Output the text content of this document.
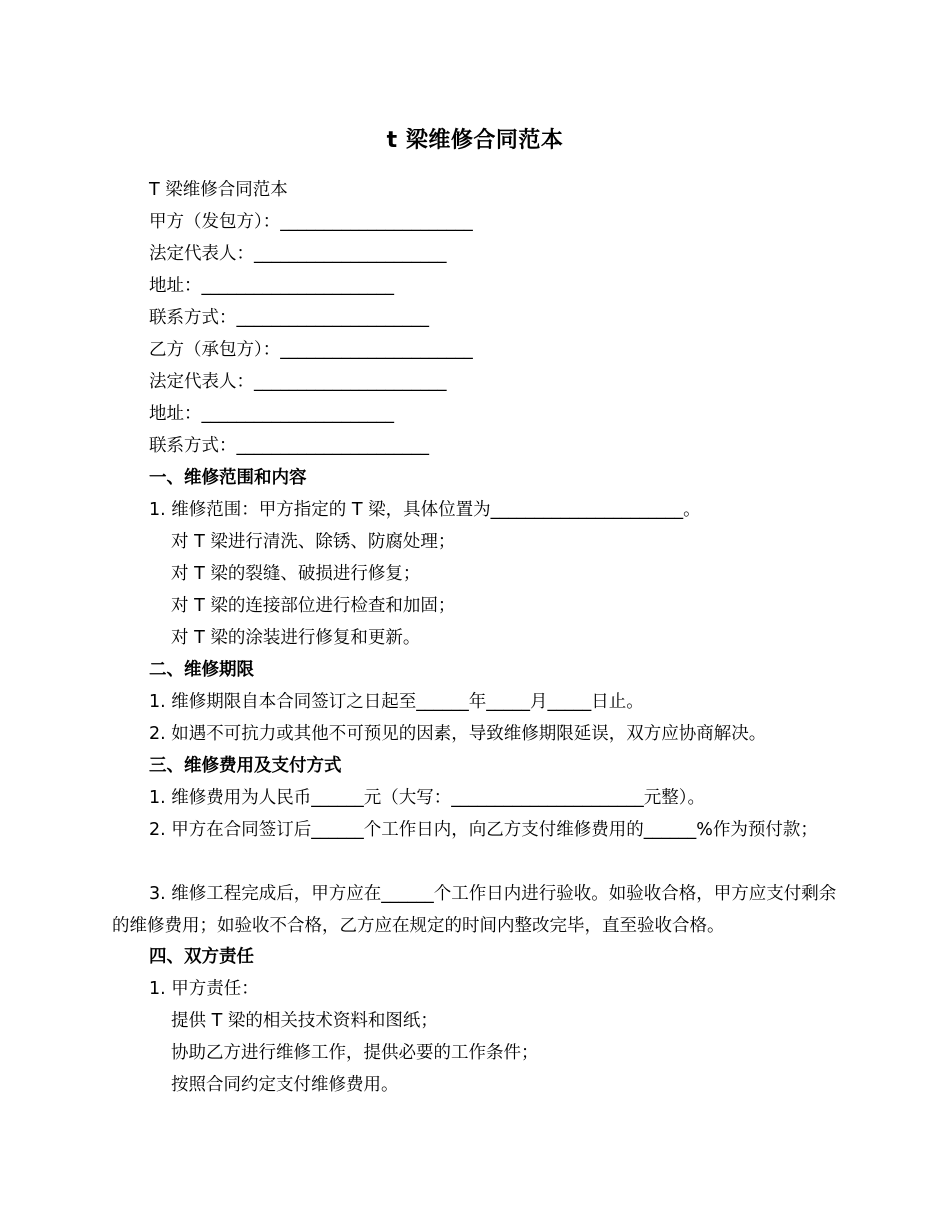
t 梁维修合同范本
T 梁维修合同范本
甲方（发包方）：______________________
法定代表人：______________________
地址：______________________
联系方式：______________________
乙方（承包方）：______________________
法定代表人：______________________
地址：______________________
联系方式：______________________
一、维修范围和内容
1. 维修范围：甲方指定的 T 梁，具体位置为______________________。
对 T 梁进行清洗、除锈、防腐处理；
对 T 梁的裂缝、破损进行修复；
对 T 梁的连接部位进行检查和加固；
对 T 梁的涂装进行修复和更新。
二、维修期限
1. 维修期限自本合同签订之日起至______年_____月_____日止。
2. 如遇不可抗力或其他不可预见的因素，导致维修期限延误，双方应协商解决。
三、维修费用及支付方式
1. 维修费用为人民币______元（大写：______________________元整）。
2. 甲方在合同签订后______个工作日内，向乙方支付维修费用的______%作为预付款；
3. 维修工程完成后，甲方应在______个工作日内进行验收。如验收合格，甲方应支付剩余的维修费用；如验收不合格，乙方应在规定的时间内整改完毕，直至验收合格。
四、双方责任
1. 甲方责任：
提供 T 梁的相关技术资料和图纸；
协助乙方进行维修工作，提供必要的工作条件；
按照合同约定支付维修费用。
